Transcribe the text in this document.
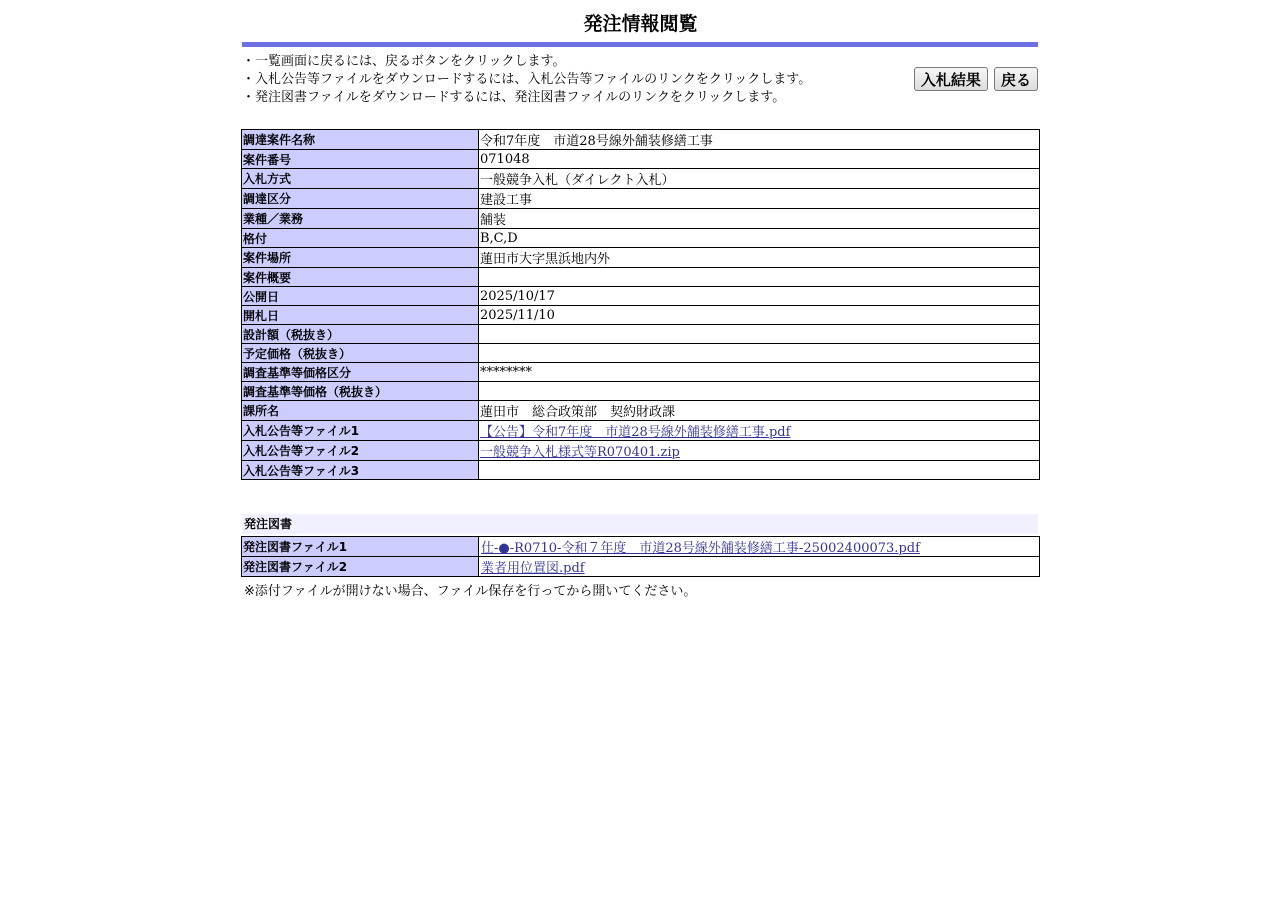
発注情報閲覧
・一覧画面に戻るには、戻るボタンをクリックします。
・入札公告等ファイルをダウンロードするには、入札公告等ファイルのリンクをクリックします。
・発注図書ファイルをダウンロードするには、発注図書ファイルのリンクをクリックします。
入札結果 戻る
調達案件名称	令和7年度　市道28号線外舗装修繕工事
案件番号	071048
入札方式	一般競争入札（ダイレクト入札）
調達区分	建設工事
業種／業務	舗装
格付	B,C,D
案件場所	蓮田市大字黒浜地内外
案件概要	
公開日	2025/10/17
開札日	2025/11/10
設計額（税抜き）	
予定価格（税抜き）	
調査基準等価格区分	********
調査基準等価格（税抜き）	
課所名	蓮田市　総合政策部　契約財政課
入札公告等ファイル1	【公告】令和7年度　市道28号線外舗装修繕工事.pdf
入札公告等ファイル2	一般競争入札様式等R070401.zip
入札公告等ファイル3	
発注図書
発注図書ファイル1	仕-●-R0710-令和７年度　市道28号線外舗装修繕工事-25002400073.pdf
発注図書ファイル2	業者用位置図.pdf
※添付ファイルが開けない場合、ファイル保存を行ってから開いてください。
